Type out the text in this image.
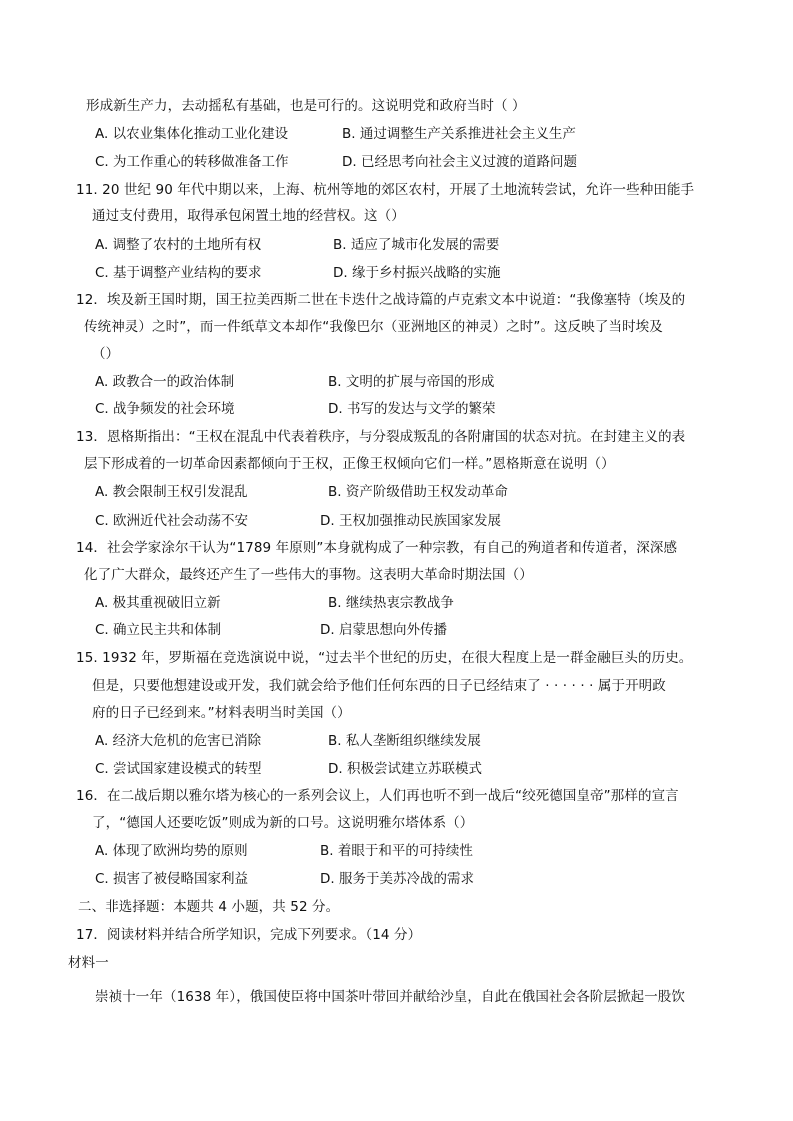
形成新生产力，去动摇私有基础，也是可行的。这说明党和政府当时（ ）
A. 以农业集体化推动工业化建设	B. 通过调整生产关系推进社会主义生产
C. 为工作重心的转移做准备工作	D. 已经思考向社会主义过渡的道路问题
11. 20 世纪 90 年代中期以来，上海、杭州等地的郊区农村，开展了土地流转尝试，允许一些种田能手
通过支付费用，取得承包闲置土地的经营权。这（）
A. 调整了农村的土地所有权	B. 适应了城市化发展的需要
C. 基于调整产业结构的要求	D. 缘于乡村振兴战略的实施
12．埃及新王国时期，国王拉美西斯二世在卡迭什之战诗篇的卢克索文本中说道：“我像塞特（埃及的
传统神灵）之时”，而一件纸草文本却作“我像巴尔（亚洲地区的神灵）之时”。这反映了当时埃及
（）
A. 政教合一的政治体制	B. 文明的扩展与帝国的形成
C. 战争频发的社会环境	D. 书写的发达与文学的繁荣
13．恩格斯指出：“王权在混乱中代表着秩序，与分裂成叛乱的各附庸国的状态对抗。在封建主义的表
层下形成着的一切革命因素都倾向于王权，正像王权倾向它们一样。”恩格斯意在说明（）
A. 教会限制王权引发混乱	B. 资产阶级借助王权发动革命
C. 欧洲近代社会动荡不安	D. 王权加强推动民族国家发展
14．社会学家涂尔干认为“1789 年原则”本身就构成了一种宗教，有自己的殉道者和传道者，深深感
化了广大群众，最终还产生了一些伟大的事物。这表明大革命时期法国（）
A. 极其重视破旧立新	B. 继续热衷宗教战争
C. 确立民主共和体制	D. 启蒙思想向外传播
15. 1932 年，罗斯福在竞选演说中说，“过去半个世纪的历史，在很大程度上是一群金融巨头的历史。
但是，只要他想建设或开发，我们就会给予他们任何东西的日子已经结束了 · · · · · · 属于开明政
府的日子已经到来。”材料表明当时美国（）
A. 经济大危机的危害已消除	B. 私人垄断组织继续发展
C. 尝试国家建设模式的转型	D. 积极尝试建立苏联模式
16．在二战后期以雅尔塔为核心的一系列会议上，人们再也听不到一战后“绞死德国皇帝”那样的宣言
了，“德国人还要吃饭”则成为新的口号。这说明雅尔塔体系（）
A. 体现了欧洲均势的原则	B. 着眼于和平的可持续性
C. 损害了被侵略国家利益	D. 服务于美苏冷战的需求
二、非选择题：本题共 4 小题，共 52 分。
17．阅读材料并结合所学知识，完成下列要求。（14 分）
材料一
崇祯十一年（1638 年），俄国使臣将中国茶叶带回并献给沙皇，自此在俄国社会各阶层掀起一股饮
